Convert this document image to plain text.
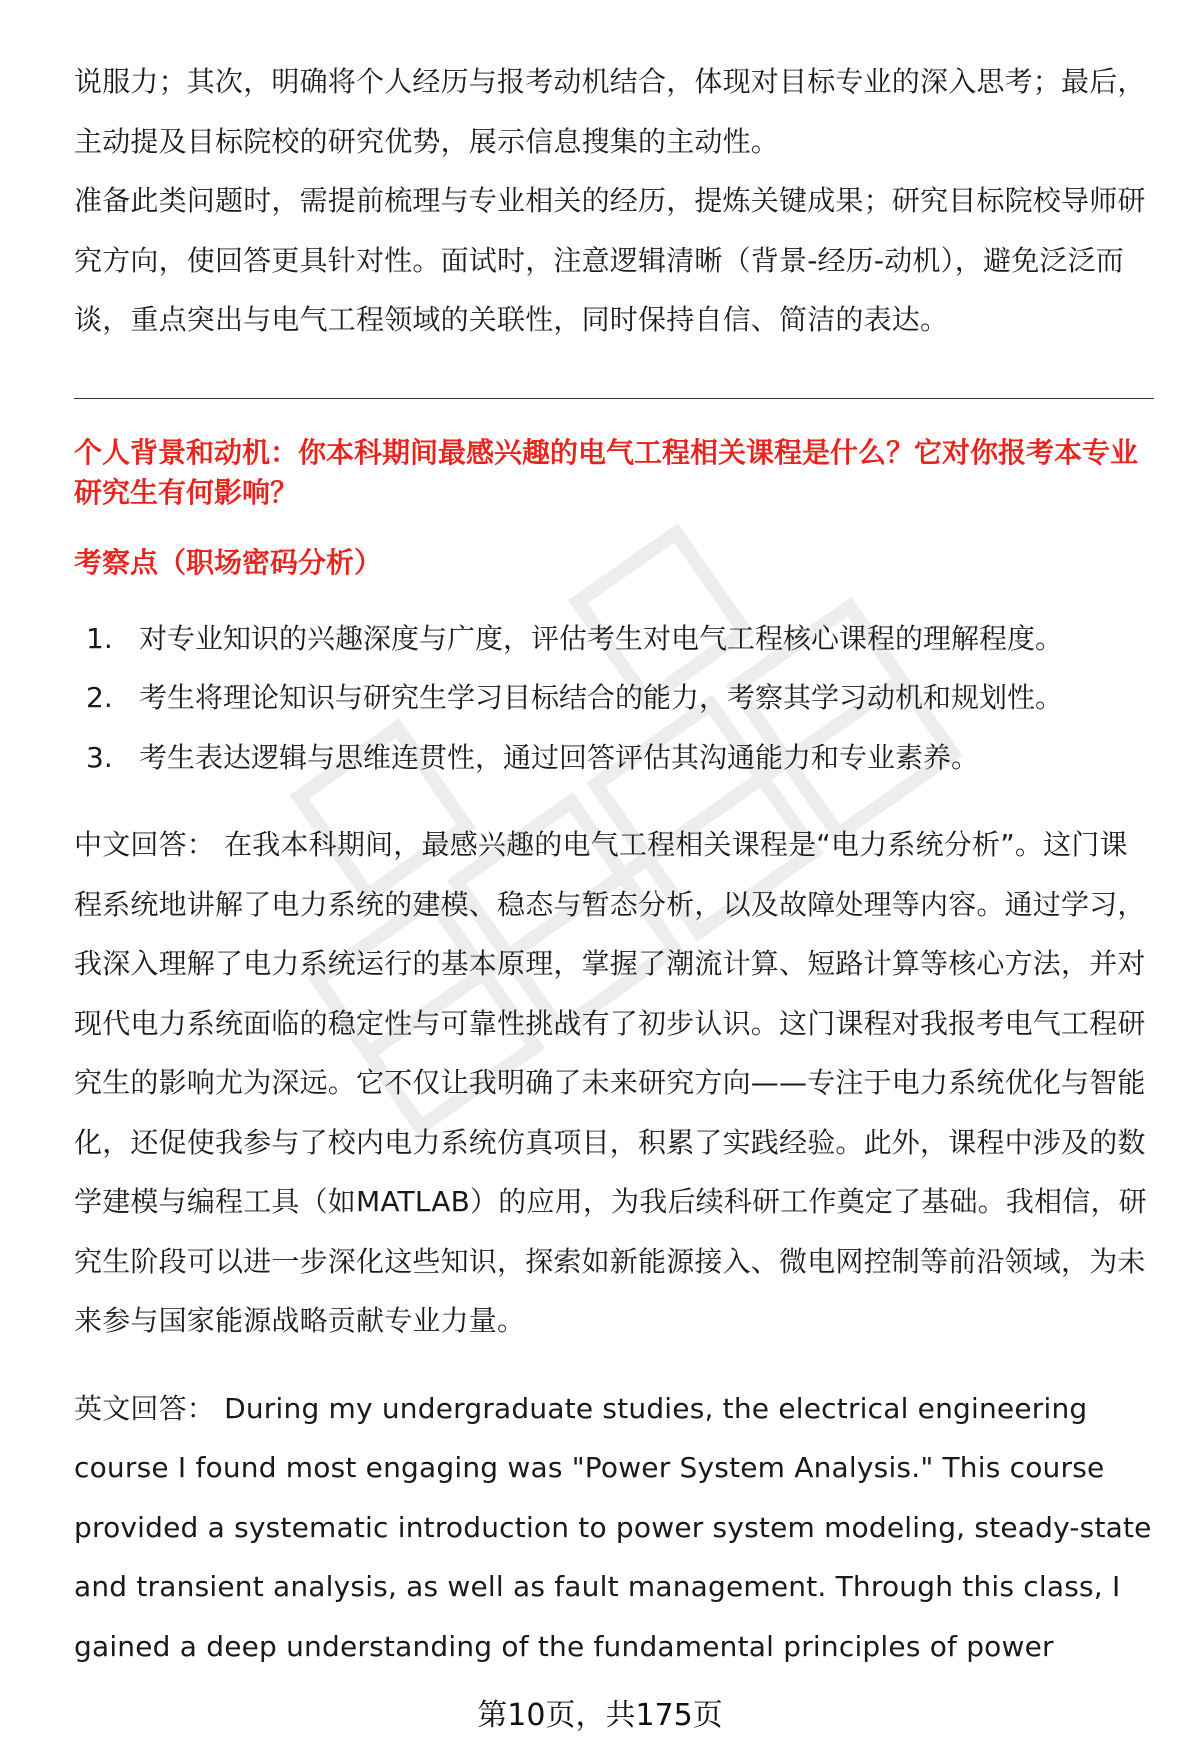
说服力；其次，明确将个人经历与报考动机结合，体现对目标专业的深入思考；最后，主动提及目标院校的研究优势，展示信息搜集的主动性。

准备此类问题时，需提前梳理与专业相关的经历，提炼关键成果；研究目标院校导师研究方向，使回答更具针对性。面试时，注意逻辑清晰（背景-经历-动机），避免泛泛而谈，重点突出与电气工程领域的关联性，同时保持自信、简洁的表达。

个人背景和动机：你本科期间最感兴趣的电气工程相关课程是什么？它对你报考本专业研究生有何影响？
考察点（职场密码分析）
1. 对专业知识的兴趣深度与广度，评估考生对电气工程核心课程的理解程度。
2. 考生将理论知识与研究生学习目标结合的能力，考察其学习动机和规划性。
3. 考生表达逻辑与思维连贯性，通过回答评估其沟通能力和专业素养。

中文回答： 在我本科期间，最感兴趣的电气工程相关课程是“电力系统分析”。这门课程系统地讲解了电力系统的建模、稳态与暂态分析，以及故障处理等内容。通过学习，我深入理解了电力系统运行的基本原理，掌握了潮流计算、短路计算等核心方法，并对现代电力系统面临的稳定性与可靠性挑战有了初步认识。这门课程对我报考电气工程研究生的影响尤为深远。它不仅让我明确了未来研究方向——专注于电力系统优化与智能化，还促使我参与了校内电力系统仿真项目，积累了实践经验。此外，课程中涉及的数学建模与编程工具（如MATLAB）的应用，为我后续科研工作奠定了基础。我相信，研究生阶段可以进一步深化这些知识，探索如新能源接入、微电网控制等前沿领域，为未来参与国家能源战略贡献专业力量。

英文回答： During my undergraduate studies, the electrical engineering course I found most engaging was "Power System Analysis." This course provided a systematic introduction to power system modeling, steady-state and transient analysis, as well as fault management. Through this class, I gained a deep understanding of the fundamental principles of power

第10页，共175页
